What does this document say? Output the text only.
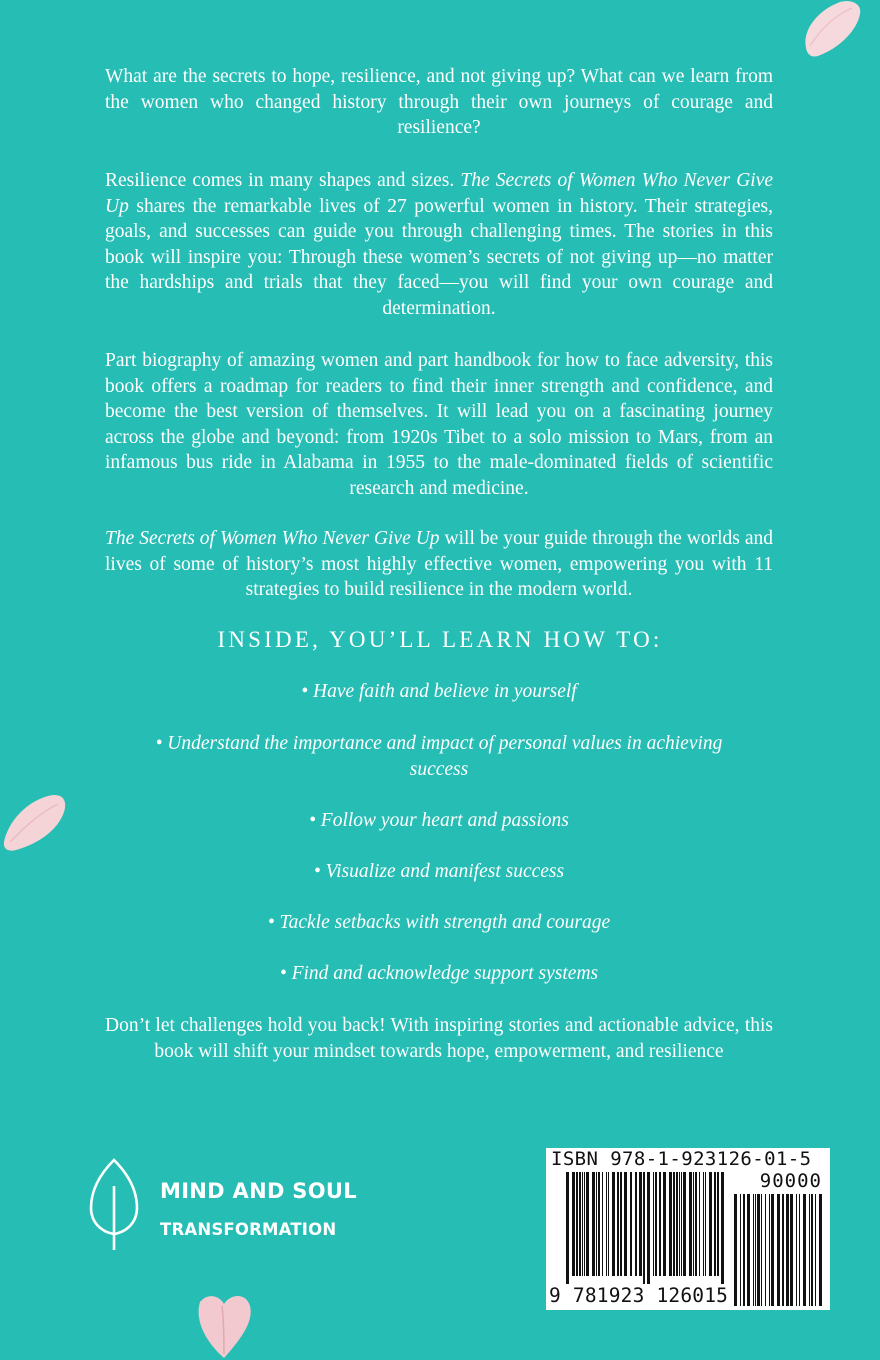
What are the secrets to hope, resilience, and not giving up? What can we learn from the women who changed history through their own journeys of courage and resilience?
Resilience comes in many shapes and sizes. The Secrets of Women Who Never Give Up shares the remarkable lives of 27 powerful women in history. Their strategies, goals, and successes can guide you through challenging times. The stories in this book will inspire you: Through these women’s secrets of not giving up—no matter the hardships and trials that they faced—you will find your own courage and determination.
Part biography of amazing women and part handbook for how to face adversity, this book offers a roadmap for readers to find their inner strength and confidence, and become the best version of themselves. It will lead you on a fascinating journey across the globe and beyond: from 1920s Tibet to a solo mission to Mars, from an infamous bus ride in Alabama in 1955 to the male-dominated fields of scientific research and medicine.
The Secrets of Women Who Never Give Up will be your guide through the worlds and lives of some of history’s most highly effective women, empowering you with 11 strategies to build resilience in the modern world.
INSIDE, YOU’LL LEARN HOW TO:
• Have faith and believe in yourself
• Understand the importance and impact of personal values in achieving success
• Follow your heart and passions
• Visualize and manifest success
• Tackle setbacks with strength and courage
• Find and acknowledge support systems
Don’t let challenges hold you back! With inspiring stories and actionable advice, this book will shift your mindset towards hope, empowerment, and resilience
MIND AND SOUL
TRANSFORMATION
ISBN 978-1-923126-01-5
90000
9 781923 126015
